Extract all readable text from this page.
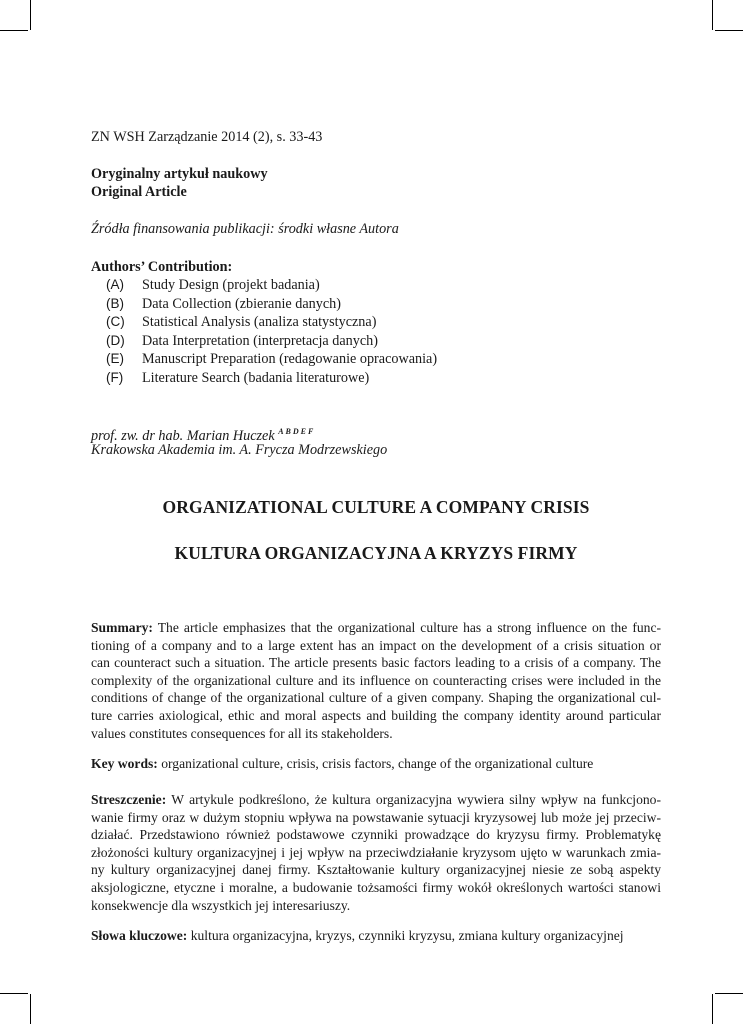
ZN WSH Zarządzanie 2014 (2), s. 33-43
Oryginalny artykuł naukowy
Original Article
Źródła finansowania publikacji: środki własne Autora
Authors’ Contribution:
(A) Study Design (projekt badania)
(B) Data Collection (zbieranie danych)
(C) Statistical Analysis (analiza statystyczna)
(D) Data Interpretation (interpretacja danych)
(E) Manuscript Preparation (redagowanie opracowania)
(F) Literature Search (badania literaturowe)
prof. zw. dr hab. Marian Huczek $^{ABDEF}$
Krakowska Akademia im. A. Frycza Modrzewskiego
ORGANIZATIONAL CULTURE A COMPANY CRISIS
KULTURA ORGANIZACYJNA A KRYZYS FIRMY
Summary: The article emphasizes that the organizational culture has a strong influence on the func-
tioning of a company and to a large extent has an impact on the development of a crisis situation or
can counteract such a situation. The article presents basic factors leading to a crisis of a company. The
complexity of the organizational culture and its influence on counteracting crises were included in the
conditions of change of the organizational culture of a given company. Shaping the organizational cul-
ture carries axiological, ethic and moral aspects and building the company identity around particular
values constitutes consequences for all its stakeholders.
Key words: organizational culture, crisis, crisis factors, change of the organizational culture
Streszczenie: W artykule podkreślono, że kultura organizacyjna wywiera silny wpływ na funkcjono-
wanie firmy oraz w dużym stopniu wpływa na powstawanie sytuacji kryzysowej lub może jej przeciw-
działać. Przedstawiono również podstawowe czynniki prowadzące do kryzysu firmy. Problematykę
złożoności kultury organizacyjnej i jej wpływ na przeciwdziałanie kryzysom ujęto w warunkach zmia-
ny kultury organizacyjnej danej firmy. Kształtowanie kultury organizacyjnej niesie ze sobą aspekty
aksjologiczne, etyczne i moralne, a budowanie tożsamości firmy wokół określonych wartości stanowi
konsekwencje dla wszystkich jej interesariuszy.
Słowa kluczowe: kultura organizacyjna, kryzys, czynniki kryzysu, zmiana kultury organizacyjnej
